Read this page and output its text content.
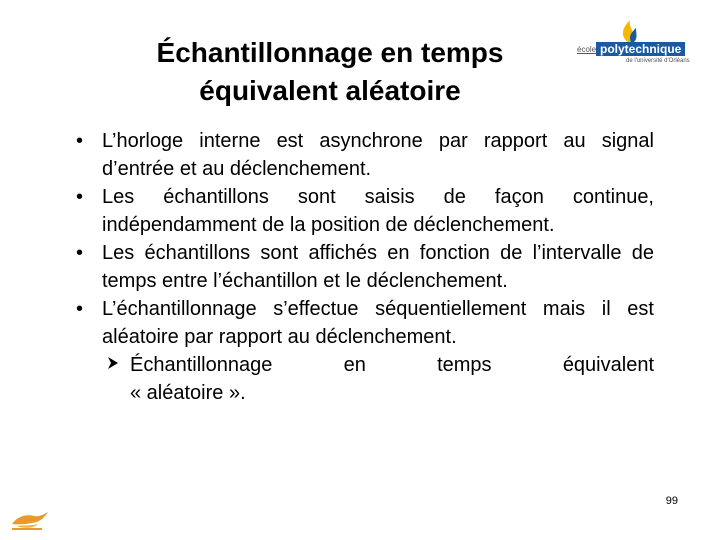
Échantillonnage en temps
équivalent aléatoire
école polytechnique
de l'université d'Orléans
• L’horloge interne est asynchrone par rapport au signal d’entrée et au déclenchement.
• Les échantillons sont saisis de façon continue, indépendamment de la position de déclenchement.
• Les échantillons sont affichés en fonction de l’intervalle de temps entre l’échantillon et le déclenchement.
• L’échantillonnage s’effectue séquentiellement mais il est aléatoire par rapport au déclenchement.
Échantillonnage	en	temps	équivalent
« aléatoire ».
99
